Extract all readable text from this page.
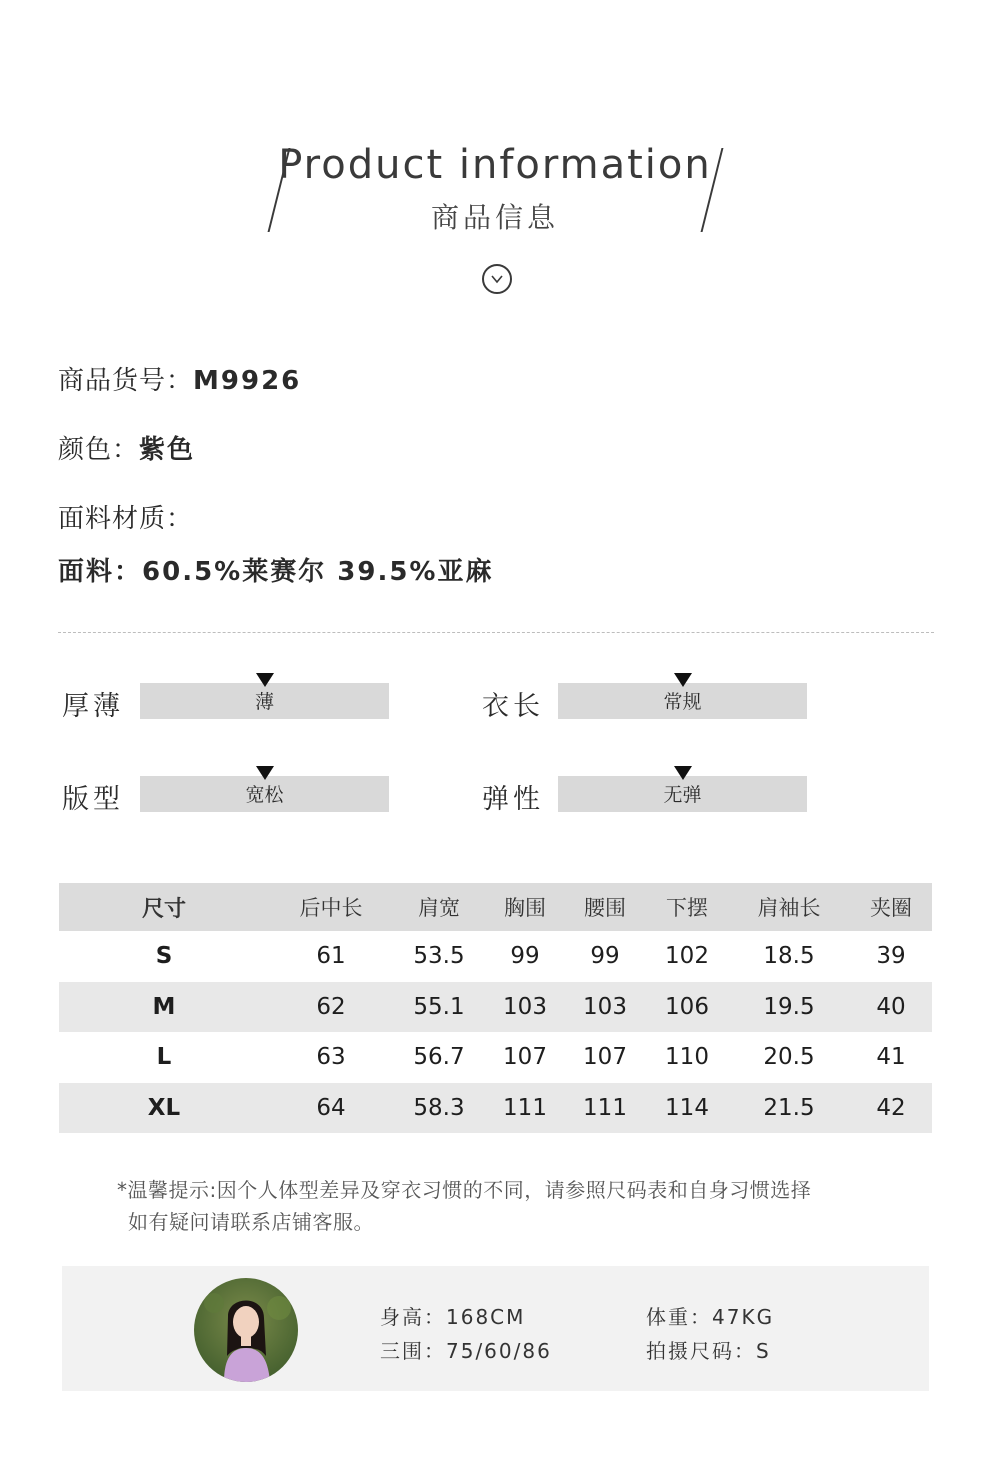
Product information
商品信息
商品货号：M9926
颜色：紫色
面料材质：
面料：60.5%莱赛尔 39.5%亚麻
厚薄	薄	衣长	常规
版型	宽松	弹性	无弹
尺寸	后中长	肩宽	胸围	腰围	下摆	肩袖长	夹圈
S	61	53.5	99	99	102	18.5	39
M	62	55.1	103	103	106	19.5	40
L	63	56.7	107	107	110	20.5	41
XL	64	58.3	111	111	114	21.5	42
*温馨提示:因个人体型差异及穿衣习惯的不同，请参照尺码表和自身习惯选择
如有疑问请联系店铺客服。
身高：168CM	体重：47KG
三围：75/60/86	拍摄尺码：S
